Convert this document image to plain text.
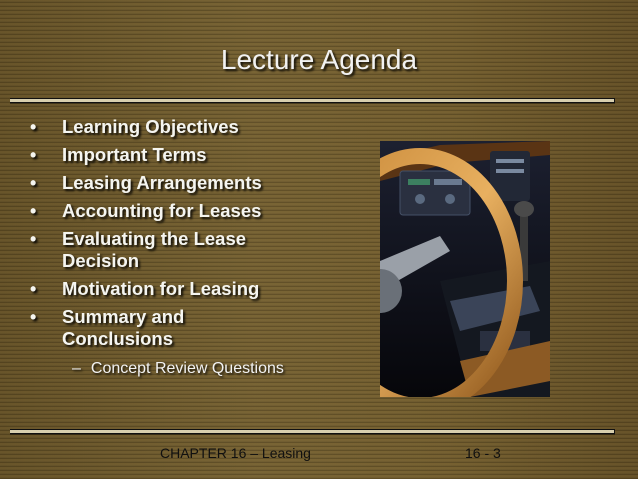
Lecture Agenda
•	Learning Objectives
•	Important Terms
•	Leasing Arrangements
•	Accounting for Leases
•	Evaluating the Lease Decision
•	Motivation for Leasing
•	Summary and Conclusions
– Concept Review Questions
CHAPTER 16 – Leasing	16 - 3
